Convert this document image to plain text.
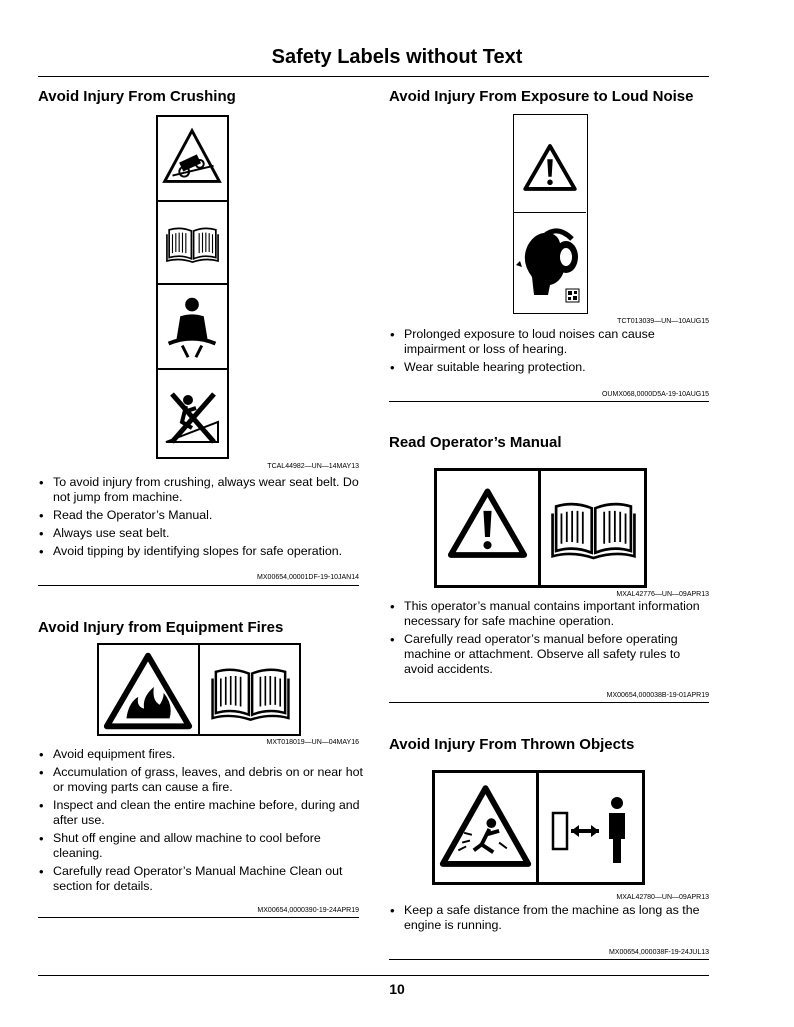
Safety Labels without Text
Avoid Injury From Crushing
TCAL44982—UN—14MAY13
• To avoid injury from crushing, always wear seat belt. Do not jump from machine.
• Read the Operator’s Manual.
• Always use seat belt.
• Avoid tipping by identifying slopes for safe operation.
MX00654,00001DF-19-10JAN14
Avoid Injury from Equipment Fires
MXT018019—UN—04MAY16
• Avoid equipment fires.
• Accumulation of grass, leaves, and debris on or near hot or moving parts can cause a fire.
• Inspect and clean the entire machine before, during and after use.
• Shut off engine and allow machine to cool before cleaning.
• Carefully read Operator’s Manual Machine Clean out section for details.
MX00654,0000390-19-24APR19
Avoid Injury From Exposure to Loud Noise
TCT013039—UN—10AUG15
• Prolonged exposure to loud noises can cause impairment or loss of hearing.
• Wear suitable hearing protection.
OUMX068,0000D5A-19-10AUG15
Read Operator’s Manual
MXAL42776—UN—09APR13
• This operator’s manual contains important information necessary for safe machine operation.
• Carefully read operator’s manual before operating machine or attachment. Observe all safety rules to avoid accidents.
MX00654,000038B-19-01APR19
Avoid Injury From Thrown Objects
MXAL42780—UN—09APR13
• Keep a safe distance from the machine as long as the engine is running.
MX00654,000038F-19-24JUL13
10
